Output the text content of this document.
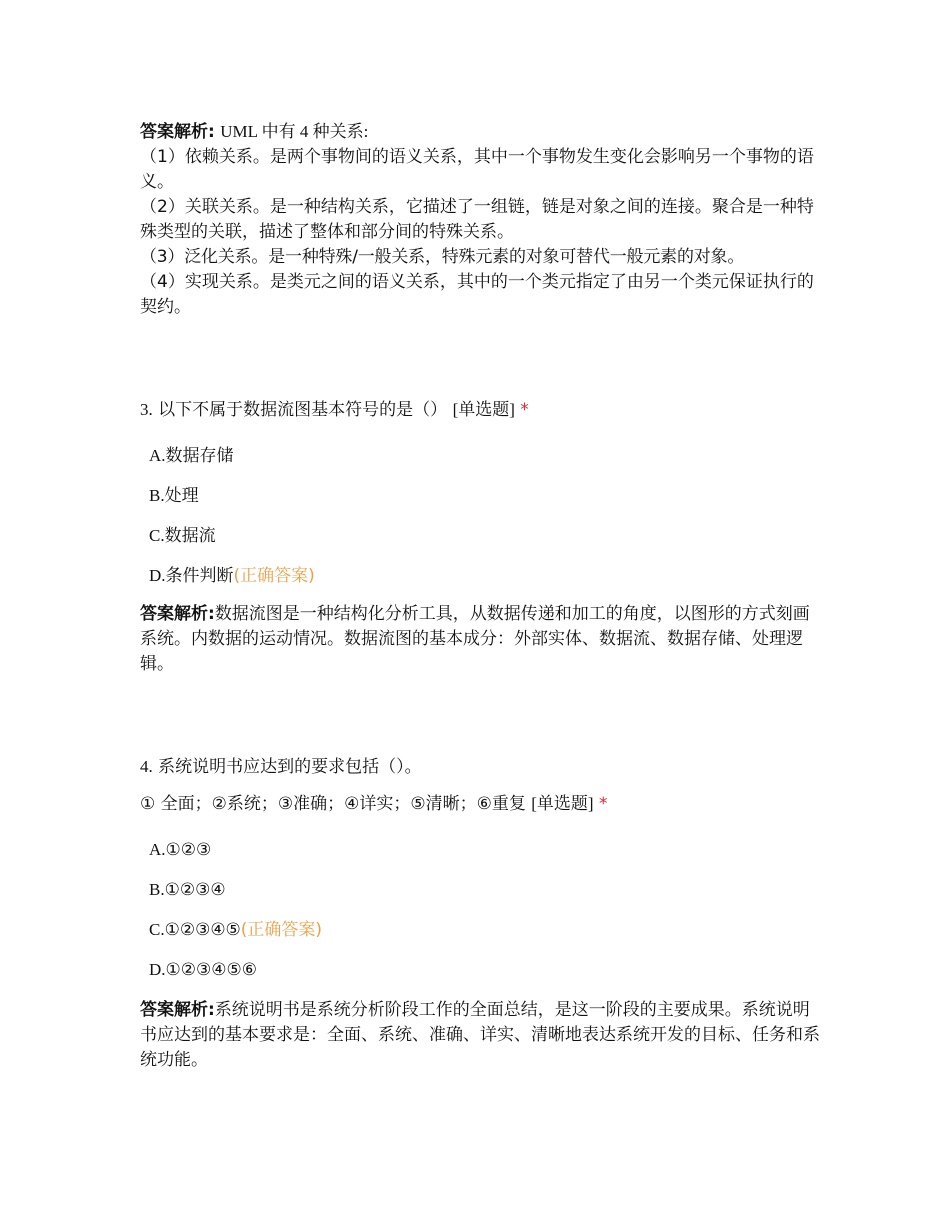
答案解析: UML 中有 4 种关系:

（1）依赖关系。是两个事物间的语义关系，其中一个事物发生变化会影响另一个事物的语义。

（2）关联关系。是一种结构关系，它描述了一组链，链是对象之间的连接。聚合是一种特殊类型的关联，描述了整体和部分间的特殊关系。

（3）泛化关系。是一种特殊/一般关系，特殊元素的对象可替代一般元素的对象。

（4）实现关系。是类元之间的语义关系，其中的一个类元指定了由另一个类元保证执行的契约。

3. 以下不属于数据流图基本符号的是（） [单选题] *
A.数据存储
B.处理
C.数据流
D.条件判断(正确答案)

答案解析:数据流图是一种结构化分析工具，从数据传递和加工的角度，以图形的方式刻画系统。内数据的运动情况。数据流图的基本成分：外部实体、数据流、数据存储、处理逻辑。

4. 系统说明书应达到的要求包括（）。
① 全面；②系统；③准确；④详实；⑤清晰；⑥重复 [单选题] *
A.①②③
B.①②③④
C.①②③④⑤(正确答案)
D.①②③④⑤⑥

答案解析:系统说明书是系统分析阶段工作的全面总结，是这一阶段的主要成果。系统说明书应达到的基本要求是：全面、系统、准确、详实、清晰地表达系统开发的目标、任务和系统功能。
